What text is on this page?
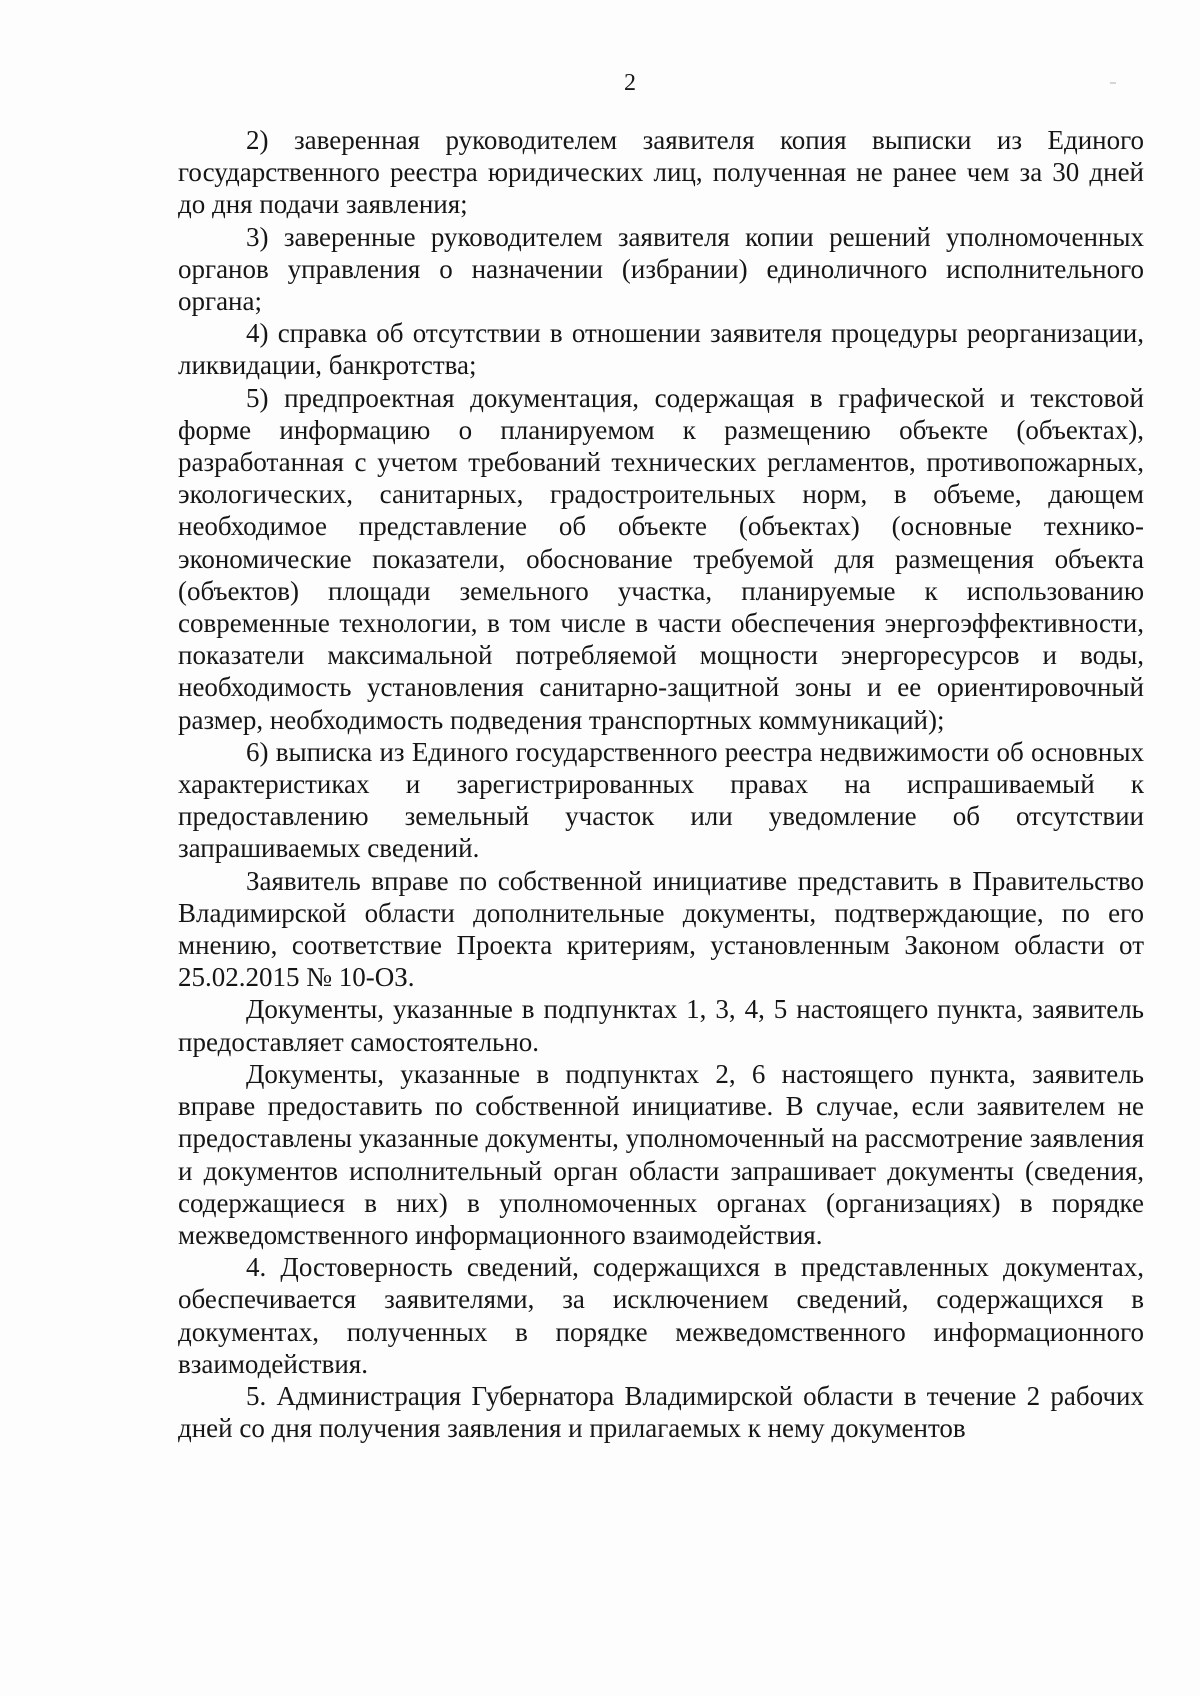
2

2) заверенная руководителем заявителя копия выписки из Единого государственного реестра юридических лиц, полученная не ранее чем за 30 дней до дня подачи заявления;

3) заверенные руководителем заявителя копии решений уполномоченных органов управления о назначении (избрании) единоличного исполнительного органа;

4) справка об отсутствии в отношении заявителя процедуры реорганизации, ликвидации, банкротства;

5) предпроектная документация, содержащая в графической и текстовой форме информацию о планируемом к размещению объекте (объектах), разработанная с учетом требований технических регламентов, противопожарных, экологических, санитарных, градостроительных норм, в объеме, дающем необходимое представление об объекте (объектах) (основные технико-экономические показатели, обоснование требуемой для размещения объекта (объектов) площади земельного участка, планируемые к использованию современные технологии, в том числе в части обеспечения энергоэффективности, показатели максимальной потребляемой мощности энергоресурсов и воды, необходимость установления санитарно-защитной зоны и ее ориентировочный размер, необходимость подведения транспортных коммуникаций);

6) выписка из Единого государственного реестра недвижимости об основных характеристиках и зарегистрированных правах на испрашиваемый к предоставлению земельный участок или уведомление об отсутствии запрашиваемых сведений.

Заявитель вправе по собственной инициативе представить в Правительство Владимирской области дополнительные документы, подтверждающие, по его мнению, соответствие Проекта критериям, установленным Законом области от 25.02.2015 № 10-ОЗ.

Документы, указанные в подпунктах 1, 3, 4, 5 настоящего пункта, заявитель предоставляет самостоятельно.

Документы, указанные в подпунктах 2, 6 настоящего пункта, заявитель вправе предоставить по собственной инициативе. В случае, если заявителем не предоставлены указанные документы, уполномоченный на рассмотрение заявления и документов исполнительный орган области запрашивает документы (сведения, содержащиеся в них) в уполномоченных органах (организациях) в порядке межведомственного информационного взаимодействия.

4. Достоверность сведений, содержащихся в представленных документах, обеспечивается заявителями, за исключением сведений, содержащихся в документах, полученных в порядке межведомственного информационного взаимодействия.

5. Администрация Губернатора Владимирской области в течение 2 рабочих дней со дня получения заявления и прилагаемых к нему документов
